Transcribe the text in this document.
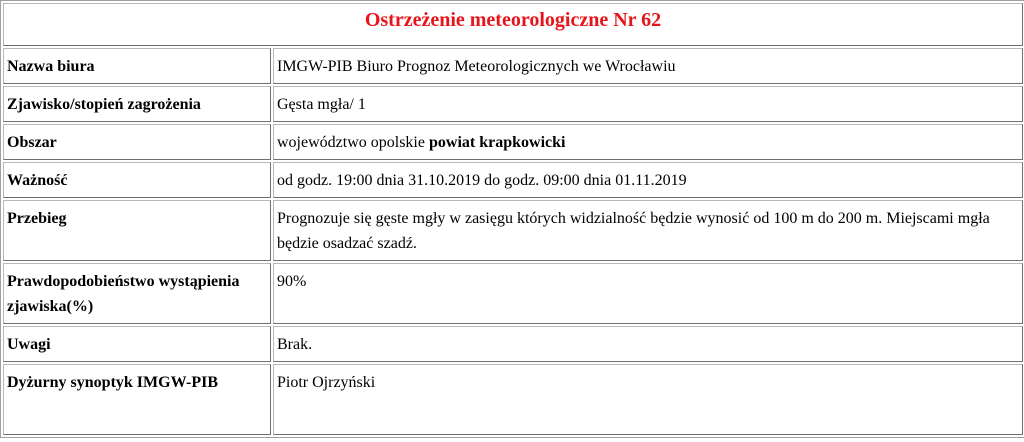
Ostrzeżenie meteorologiczne Nr 62	
Nazwa biura	IMGW-PIB Biuro Prognoz Meteorologicznych we Wrocławiu
Zjawisko/stopień zagrożenia	Gęsta mgła/ 1
Obszar	województwo opolskie powiat krapkowicki
Ważność	od godz. 19:00 dnia 31.10.2019 do godz. 09:00 dnia 01.11.2019
Przebieg	Prognozuje się gęste mgły w zasięgu których widzialność będzie wynosić od 100 m do 200 m. Miejscami mgła będzie osadzać szadź.
Prawdopodobieństwo wystąpienia zjawiska(%)	90%
Uwagi	Brak.
Dyżurny synoptyk IMGW-PIB	Piotr Ojrzyński
